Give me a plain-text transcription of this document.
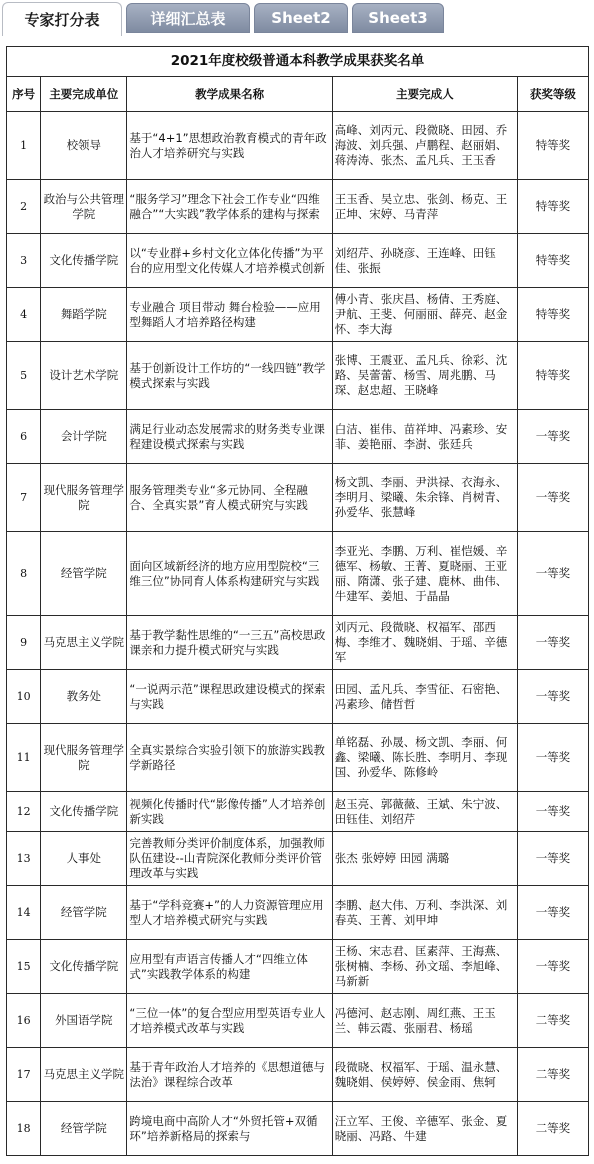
专家打分表	详细汇总表	Sheet2	Sheet3
2021年度校级普通本科教学成果获奖名单				
序号	主要完成单位	教学成果名称	主要完成人	获奖等级
1	校领导	基于“4+1”思想政治教育模式的青年政治人才培养研究与实践	高峰、刘丙元、段微晓、田园、乔海波、刘兵强、卢鹏程、赵丽娟、蒋涛涛、张杰、孟凡兵、王玉香	特等奖
2	政治与公共管理学院	“服务学习”理念下社会工作专业“四维融合”“大实践”教学体系的建构与探索	王玉香、吴立忠、张剑、杨克、王正坤、宋婷、马青萍	特等奖
3	文化传播学院	以“专业群+乡村文化立体化传播”为平台的应用型文化传媒人才培养模式创新	刘绍芹、孙晓彦、王连峰、田钰佳、张振	特等奖
4	舞蹈学院	专业融合 项目带动 舞台检验——应用型舞蹈人才培养路径构建	傅小青、张庆昌、杨倩、王秀庭、尹航、王斐、何丽丽、薛亮、赵金怀、李大海	特等奖
5	设计艺术学院	基于创新设计工作坊的“一线四链”教学模式探索与实践	张博、王震亚、孟凡兵、徐彩、沈路、吴蕾蕾、杨雪、周兆鹏、马琛、赵忠超、王晓峰	特等奖
6	会计学院	满足行业动态发展需求的财务类专业课程建设模式探索与实践	白洁、崔伟、苗祥坤、冯素珍、安菲、姜艳丽、李澍、张廷兵	一等奖
7	现代服务管理学院	服务管理类专业“多元协同、全程融合、全真实景”育人模式研究与实践	杨文凯、李丽、尹洪禄、衣海永、李明月、梁曦、朱余锋、肖树青、孙爱华、张慧峰	一等奖
8	经管学院	面向区域新经济的地方应用型院校“三维三位”协同育人体系构建研究与实践	李亚光、李鹏、万利、崔恺媛、辛德军、杨敏、王菁、夏晓丽、王亚丽、隋潇、张子建、鹿林、曲伟、牛建军、姜旭、于晶晶	一等奖
9	马克思主义学院	基于教学黏性思维的“一三五”高校思政课亲和力提升模式研究与实践	刘丙元、段微晓、权福军、邵西梅、李维才、魏晓娟、于瑶、辛德军	一等奖
10	教务处	“一说两示范”课程思政建设模式的探索与实践	田园、孟凡兵、李雪征、石密艳、冯素珍、储哲哲	一等奖
11	现代服务管理学院	全真实景综合实验引领下的旅游实践教学新路径	单铭磊、孙晟、杨文凯、李丽、何鑫、梁曦、陈长胜、李明月、李现国、孙爱华、陈修岭	一等奖
12	文化传播学院	视频化传播时代“影像传播”人才培养创新实践	赵玉亮、郭薇薇、王斌、朱宁波、田钰佳、刘绍芹	一等奖
13	人事处	完善教师分类评价制度体系，加强教师队伍建设--山青院深化教师分类评价管理改革与实践	张杰 张婷婷 田园 满璐	一等奖
14	经管学院	基于“学科竞赛+”的人力资源管理应用型人才培养模式研究与实践	李鹏、赵大伟、万利、李洪深、刘春英、王菁、刘甲坤	一等奖
15	文化传播学院	应用型有声语言传播人才“四维立体式”实践教学体系的构建	王杨、宋志君、匡素萍、王海燕、张树楠、李杨、孙文瑶、李旭峰、马新新	一等奖
16	外国语学院	“三位一体”的复合型应用型英语专业人才培养模式改革与实践	冯德河、赵志刚、周红燕、王玉兰、韩云霞、张丽君、杨瑶	二等奖
17	马克思主义学院	基于青年政治人才培养的《思想道德与法治》课程综合改革	段微晓、权福军、于瑶、温永慧、魏晓娟、侯婷婷、侯金雨、焦轲	二等奖
18	经管学院	跨境电商中高阶人才“外贸托管+双循环”培养新格局的探索与	汪立军、王俊、辛德军、张金、夏晓丽、冯路、牛建	二等奖
